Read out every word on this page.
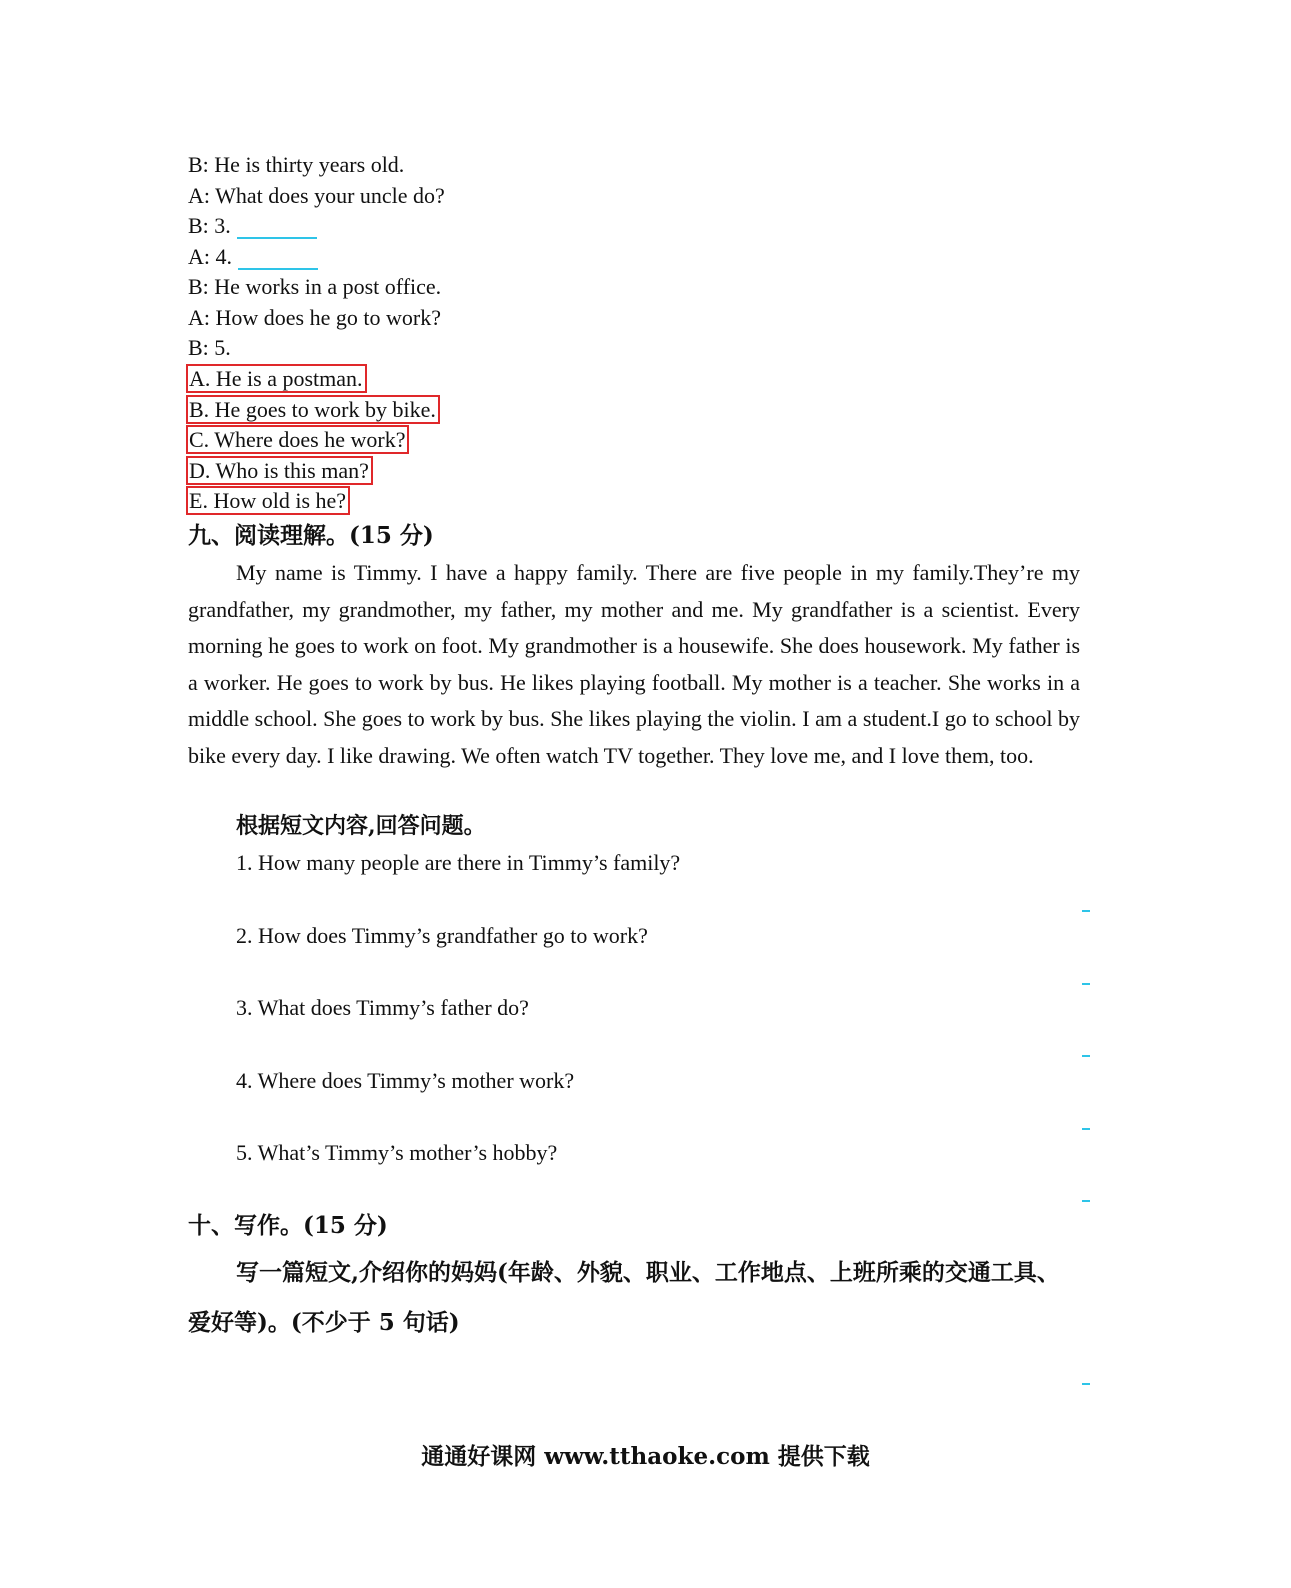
B: He is thirty years old.
A: What does your uncle do?
B: 3.
A: 4.
B: He works in a post office.
A: How does he go to work?
B: 5.
A. He is a postman.
B. He goes to work by bike.
C. Where does he work?
D. Who is this man?
E. How old is he?
九、阅读理解。(15 分)
My name is Timmy. I have a happy family. There are five people in my family.They’re my grandfather, my grandmother, my father, my mother and me. My grandfather is a scientist. Every morning he goes to work on foot. My grandmother is a housewife. She does housework. My father is a worker. He goes to work by bus. He likes playing football. My mother is a teacher. She works in a middle school. She goes to work by bus. She likes playing the violin. I am a student.I go to school by bike every day. I like drawing. We often watch TV together. They love me, and I love them, too.
根据短文内容,回答问题。
1. How many people are there in Timmy’s family?
2. How does Timmy’s grandfather go to work?
3. What does Timmy’s father do?
4. Where does Timmy’s mother work?
5. What’s Timmy’s mother’s hobby?
十、写作。(15 分)
写一篇短文,介绍你的妈妈(年龄、外貌、职业、工作地点、上班所乘的交通工具、爱好等)。(不少于 5 句话)
通通好课网 www.tthaoke.com 提供下载
